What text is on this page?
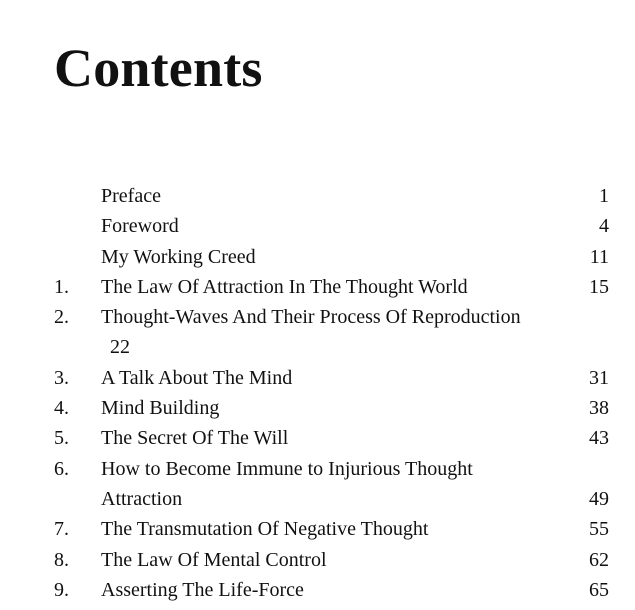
Contents
Preface	1
Foreword	4
My Working Creed	11
1. The Law Of Attraction In The Thought World	15
2. Thought-Waves And Their Process Of Reproduction
22
3. A Talk About The Mind	31
4. Mind Building	38
5. The Secret Of The Will	43
6. How to Become Immune to Injurious Thought
Attraction	49
7. The Transmutation Of Negative Thought	55
8. The Law Of Mental Control	62
9. Asserting The Life-Force	65
